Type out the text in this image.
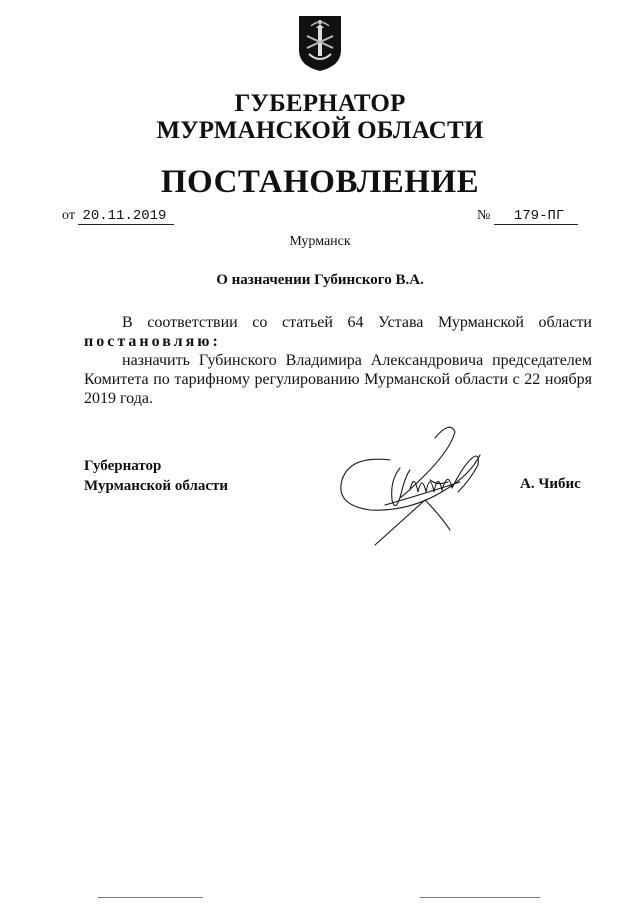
ГУБЕРНАТОР
МУРМАНСКОЙ ОБЛАСТИ
ПОСТАНОВЛЕНИЕ
от 20.11.2019	№ 179-ПГ
Мурманск
О назначении Губинского В.А.

В соответствии со статьей 64 Устава Мурманской области

постановляю:

назначить Губинского Владимира Александровича председателем Комитета по тарифному регулированию Мурманской области с 22 ноября 2019 года.

Губернатор
Мурманской области	А. Чибис
